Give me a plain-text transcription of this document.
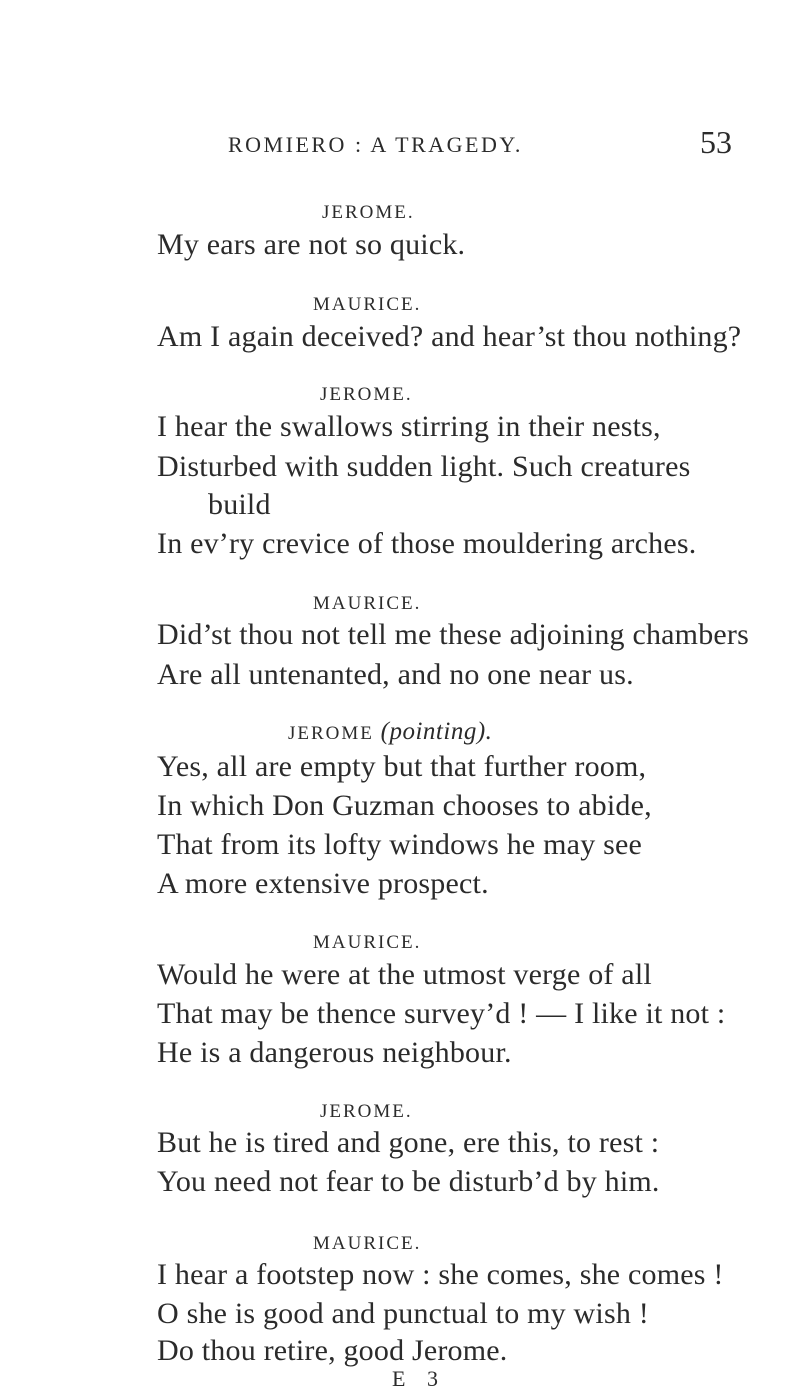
ROMIERO : A TRAGEDY.	53
JEROME.
My ears are not so quick.
MAURICE.
Am I again deceived? and hear’st thou nothing?
JEROME.
I hear the swallows stirring in their nests,
Disturbed with sudden light. Such creatures
build
In ev’ry crevice of those mouldering arches.
MAURICE.
Did’st thou not tell me these adjoining chambers
Are all untenanted, and no one near us.
JEROME (pointing).
Yes, all are empty but that further room,
In which Don Guzman chooses to abide,
That from its lofty windows he may see
A more extensive prospect.
MAURICE.
Would he were at the utmost verge of all
That may be thence survey’d ! — I like it not :
He is a dangerous neighbour.
JEROME.
But he is tired and gone, ere this, to rest :
You need not fear to be disturb’d by him.
MAURICE.
I hear a footstep now : she comes, she comes !
O she is good and punctual to my wish !
Do thou retire, good Jerome.
E 3
